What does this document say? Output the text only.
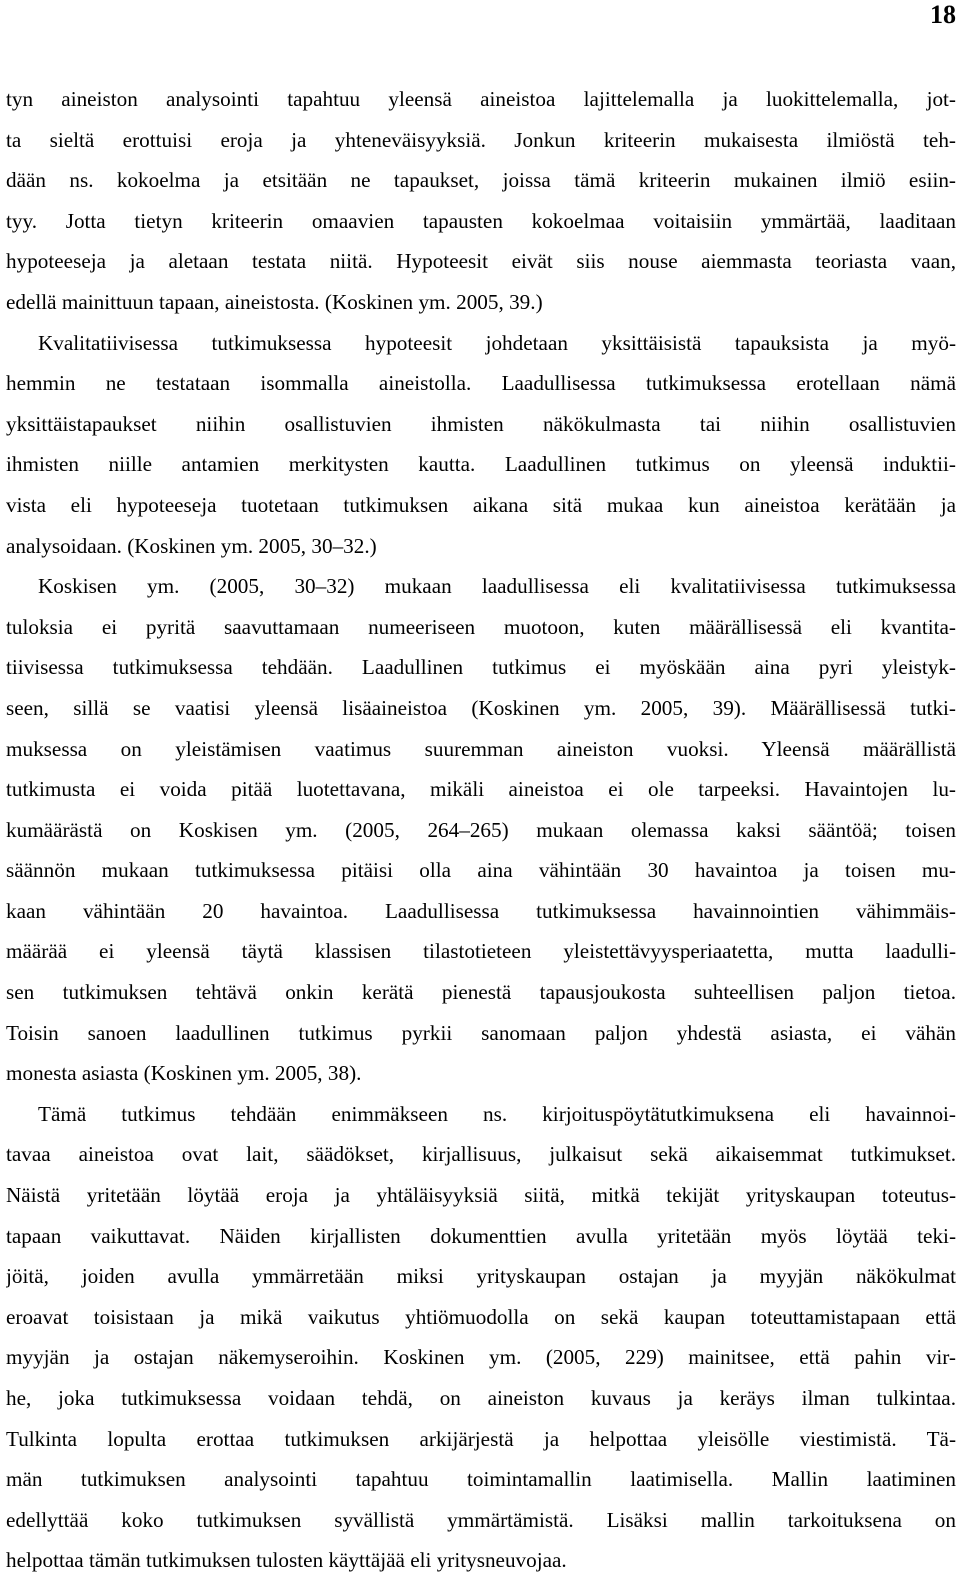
18
tyn aineiston analysointi tapahtuu yleensä aineistoa lajittelemalla ja luokittelemalla, jot-
ta sieltä erottuisi eroja ja yhteneväisyyksiä. Jonkun kriteerin mukaisesta ilmiöstä teh-
dään ns. kokoelma ja etsitään ne tapaukset, joissa tämä kriteerin mukainen ilmiö esiin-
tyy. Jotta tietyn kriteerin omaavien tapausten kokoelmaa voitaisiin ymmärtää, laaditaan
hypoteeseja ja aletaan testata niitä. Hypoteesit eivät siis nouse aiemmasta teoriasta vaan,
edellä mainittuun tapaan, aineistosta. (Koskinen ym. 2005, 39.)
Kvalitatiivisessa tutkimuksessa hypoteesit johdetaan yksittäisistä tapauksista ja myö-
hemmin ne testataan isommalla aineistolla. Laadullisessa tutkimuksessa erotellaan nämä
yksittäistapaukset niihin osallistuvien ihmisten näkökulmasta tai niihin osallistuvien
ihmisten niille antamien merkitysten kautta. Laadullinen tutkimus on yleensä induktii-
vista eli hypoteeseja tuotetaan tutkimuksen aikana sitä mukaa kun aineistoa kerätään ja
analysoidaan. (Koskinen ym. 2005, 30–32.)
Koskisen ym. (2005, 30–32) mukaan laadullisessa eli kvalitatiivisessa tutkimuksessa
tuloksia ei pyritä saavuttamaan numeeriseen muotoon, kuten määrällisessä eli kvantita-
tiivisessa tutkimuksessa tehdään. Laadullinen tutkimus ei myöskään aina pyri yleistyk-
seen, sillä se vaatisi yleensä lisäaineistoa (Koskinen ym. 2005, 39). Määrällisessä tutki-
muksessa on yleistämisen vaatimus suuremman aineiston vuoksi. Yleensä määrällistä
tutkimusta ei voida pitää luotettavana, mikäli aineistoa ei ole tarpeeksi. Havaintojen lu-
kumäärästä on Koskisen ym. (2005, 264–265) mukaan olemassa kaksi sääntöä; toisen
säännön mukaan tutkimuksessa pitäisi olla aina vähintään 30 havaintoa ja toisen mu-
kaan vähintään 20 havaintoa. Laadullisessa tutkimuksessa havainnointien vähimmäis-
määrää ei yleensä täytä klassisen tilastotieteen yleistettävyysperiaatetta, mutta laadulli-
sen tutkimuksen tehtävä onkin kerätä pienestä tapausjoukosta suhteellisen paljon tietoa.
Toisin sanoen laadullinen tutkimus pyrkii sanomaan paljon yhdestä asiasta, ei vähän
monesta asiasta (Koskinen ym. 2005, 38).
Tämä tutkimus tehdään enimmäkseen ns. kirjoituspöytätutkimuksena eli havainnoi-
tavaa aineistoa ovat lait, säädökset, kirjallisuus, julkaisut sekä aikaisemmat tutkimukset.
Näistä yritetään löytää eroja ja yhtäläisyyksiä siitä, mitkä tekijät yrityskaupan toteutus-
tapaan vaikuttavat. Näiden kirjallisten dokumenttien avulla yritetään myös löytää teki-
jöitä, joiden avulla ymmärretään miksi yrityskaupan ostajan ja myyjän näkökulmat
eroavat toisistaan ja mikä vaikutus yhtiömuodolla on sekä kaupan toteuttamistapaan että
myyjän ja ostajan näkemyseroihin. Koskinen ym. (2005, 229) mainitsee, että pahin vir-
he, joka tutkimuksessa voidaan tehdä, on aineiston kuvaus ja keräys ilman tulkintaa.
Tulkinta lopulta erottaa tutkimuksen arkijärjestä ja helpottaa yleisölle viestimistä. Tä-
män tutkimuksen analysointi tapahtuu toimintamallin laatimisella. Mallin laatiminen
edellyttää koko tutkimuksen syvällistä ymmärtämistä. Lisäksi mallin tarkoituksena on
helpottaa tämän tutkimuksen tulosten käyttäjää eli yritysneuvojaa.
